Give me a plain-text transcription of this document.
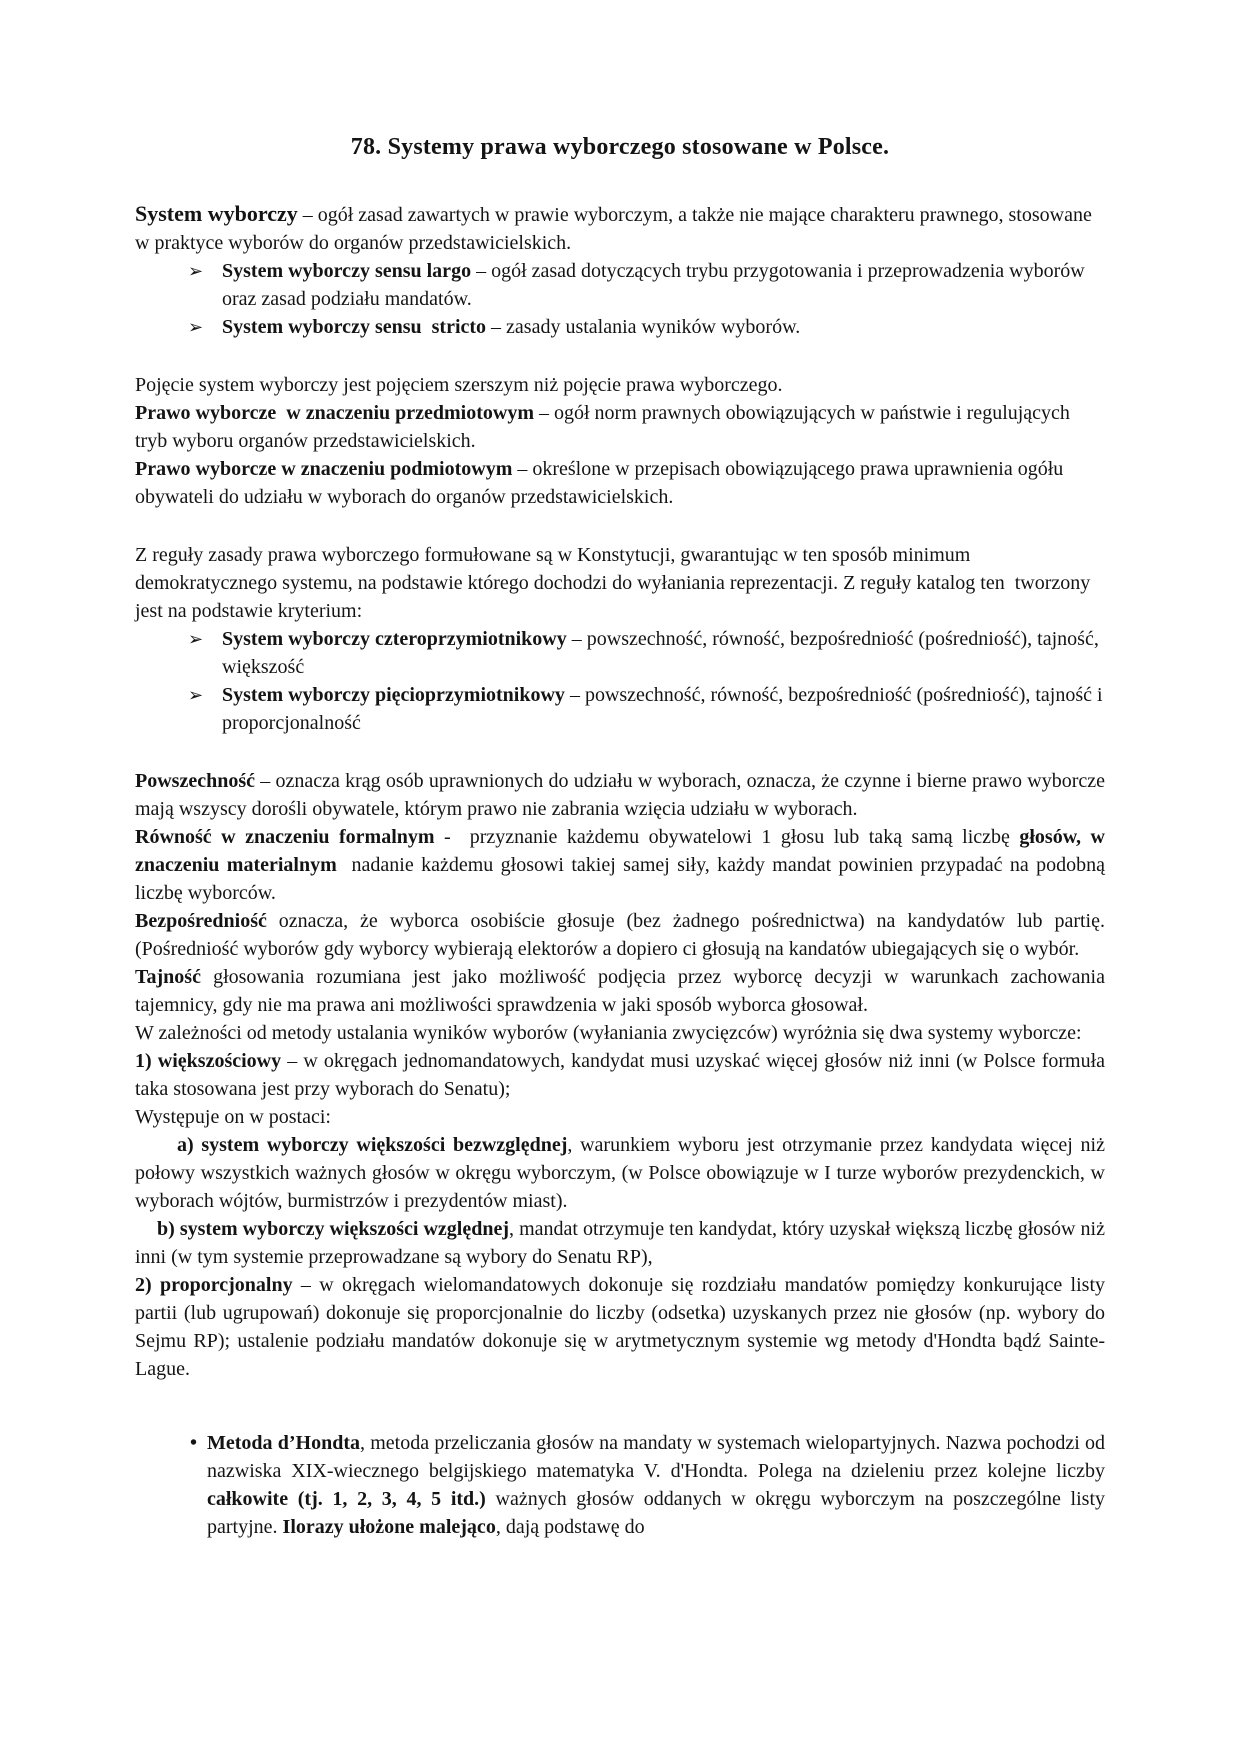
78. Systemy prawa wyborczego stosowane w Polsce.
System wyborczy – ogół zasad zawartych w prawie wyborczym, a także nie mające charakteru prawnego, stosowane w praktyce wyborów do organów przedstawicielskich.
➢ System wyborczy sensu largo – ogół zasad dotyczących trybu przygotowania i przeprowadzenia wyborów oraz zasad podziału mandatów.
➢ System wyborczy sensu  stricto – zasady ustalania wyników wyborów.
Pojęcie system wyborczy jest pojęciem szerszym niż pojęcie prawa wyborczego.
Prawo wyborcze  w znaczeniu przedmiotowym – ogół norm prawnych obowiązujących w państwie i regulujących tryb wyboru organów przedstawicielskich.
Prawo wyborcze w znaczeniu podmiotowym – określone w przepisach obowiązującego prawa uprawnienia ogółu obywateli do udziału w wyborach do organów przedstawicielskich.
Z reguły zasady prawa wyborczego formułowane są w Konstytucji, gwarantując w ten sposób minimum demokratycznego systemu, na podstawie którego dochodzi do wyłaniania reprezentacji. Z reguły katalog ten  tworzony jest na podstawie kryterium:
➢ System wyborczy czteroprzymiotnikowy – powszechność, równość, bezpośredniość (pośredniość), tajność, większość
➢ System wyborczy pięcioprzymiotnikowy – powszechność, równość, bezpośredniość (pośredniość), tajność i proporcjonalność
Powszechność – oznacza krąg osób uprawnionych do udziału w wyborach, oznacza, że czynne i bierne prawo wyborcze mają wszyscy dorośli obywatele, którym prawo nie zabrania wzięcia udziału w wyborach.
Równość w znaczeniu formalnym -  przyznanie każdemu obywatelowi 1 głosu lub taką samą liczbę głosów, w znaczeniu materialnym  nadanie każdemu głosowi takiej samej siły, każdy mandat powinien przypadać na podobną liczbę wyborców.
Bezpośredniość oznacza, że wyborca osobiście głosuje (bez żadnego pośrednictwa) na kandydatów lub partię. (Pośredniość wyborów gdy wyborcy wybierają elektorów a dopiero ci głosują na kandatów ubiegających się o wybór.
Tajność głosowania rozumiana jest jako możliwość podjęcia przez wyborcę decyzji w warunkach zachowania tajemnicy, gdy nie ma prawa ani możliwości sprawdzenia w jaki sposób wyborca głosował.
W zależności od metody ustalania wyników wyborów (wyłaniania zwycięzców) wyróżnia się dwa systemy wyborcze:
1) większościowy – w okręgach jednomandatowych, kandydat musi uzyskać więcej głosów niż inni (w Polsce formuła taka stosowana jest przy wyborach do Senatu);
Występuje on w postaci:
a) system wyborczy większości bezwzględnej, warunkiem wyboru jest otrzymanie przez kandydata więcej niż połowy wszystkich ważnych głosów w okręgu wyborczym, (w Polsce obowiązuje w I turze wyborów prezydenckich, w wyborach wójtów, burmistrzów i prezydentów miast).
b) system wyborczy większości względnej, mandat otrzymuje ten kandydat, który uzyskał większą liczbę głosów niż inni (w tym systemie przeprowadzane są wybory do Senatu RP),
2) proporcjonalny – w okręgach wielomandatowych dokonuje się rozdziału mandatów pomiędzy konkurujące listy partii (lub ugrupowań) dokonuje się proporcjonalnie do liczby (odsetka) uzyskanych przez nie głosów (np. wybory do Sejmu RP); ustalenie podziału mandatów dokonuje się w arytmetycznym systemie wg metody d'Hondta bądź Sainte-Lague.
• Metoda d’Hondta, metoda przeliczania głosów na mandaty w systemach wielopartyjnych. Nazwa pochodzi od nazwiska XIX-wiecznego belgijskiego matematyka V. d'Hondta. Polega na dzieleniu przez kolejne liczby całkowite (tj. 1, 2, 3, 4, 5 itd.) ważnych głosów oddanych w okręgu wyborczym na poszczególne listy partyjne. Ilorazy ułożone malejąco, dają podstawę do
